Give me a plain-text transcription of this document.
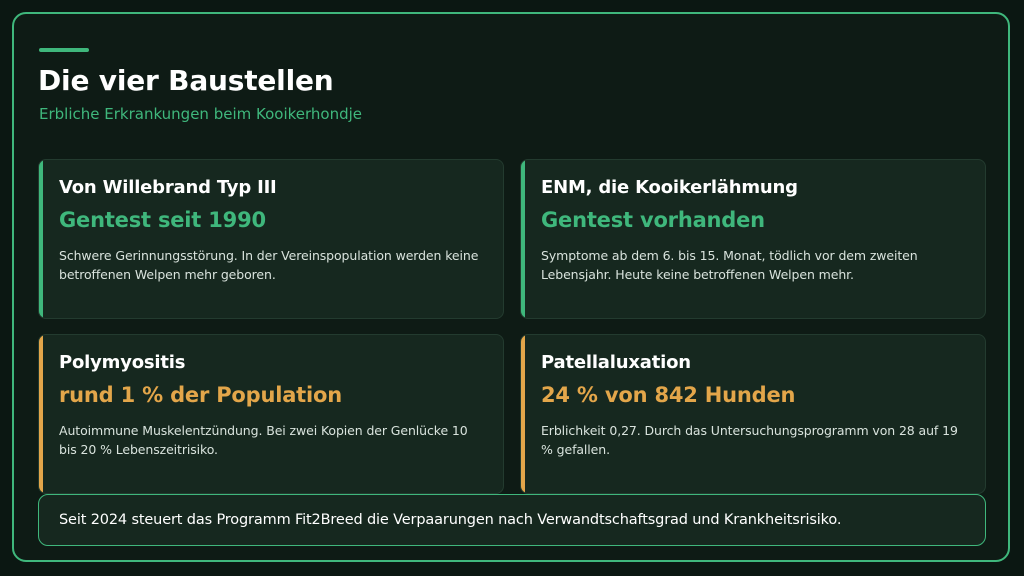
Die vier Baustellen

Erbliche Erkrankungen beim Kooikerhondje

Von Willebrand Typ III

Gentest seit 1990

Schwere Gerinnungsstörung. In der Vereinspopulation werden keine betroffenen Welpen mehr geboren.

ENM, die Kooikerlähmung

Gentest vorhanden

Symptome ab dem 6. bis 15. Monat, tödlich vor dem zweiten Lebensjahr. Heute keine betroffenen Welpen mehr.

Polymyositis

rund 1 % der Population

Autoimmune Muskelentzündung. Bei zwei Kopien der Genlücke 10 bis 20 % Lebenszeitrisiko.

Patellaluxation

24 % von 842 Hunden

Erblichkeit 0,27. Durch das Untersuchungsprogramm von 28 auf 19 % gefallen.

Seit 2024 steuert das Programm Fit2Breed die Verpaarungen nach Verwandtschaftsgrad und Krankheitsrisiko.
